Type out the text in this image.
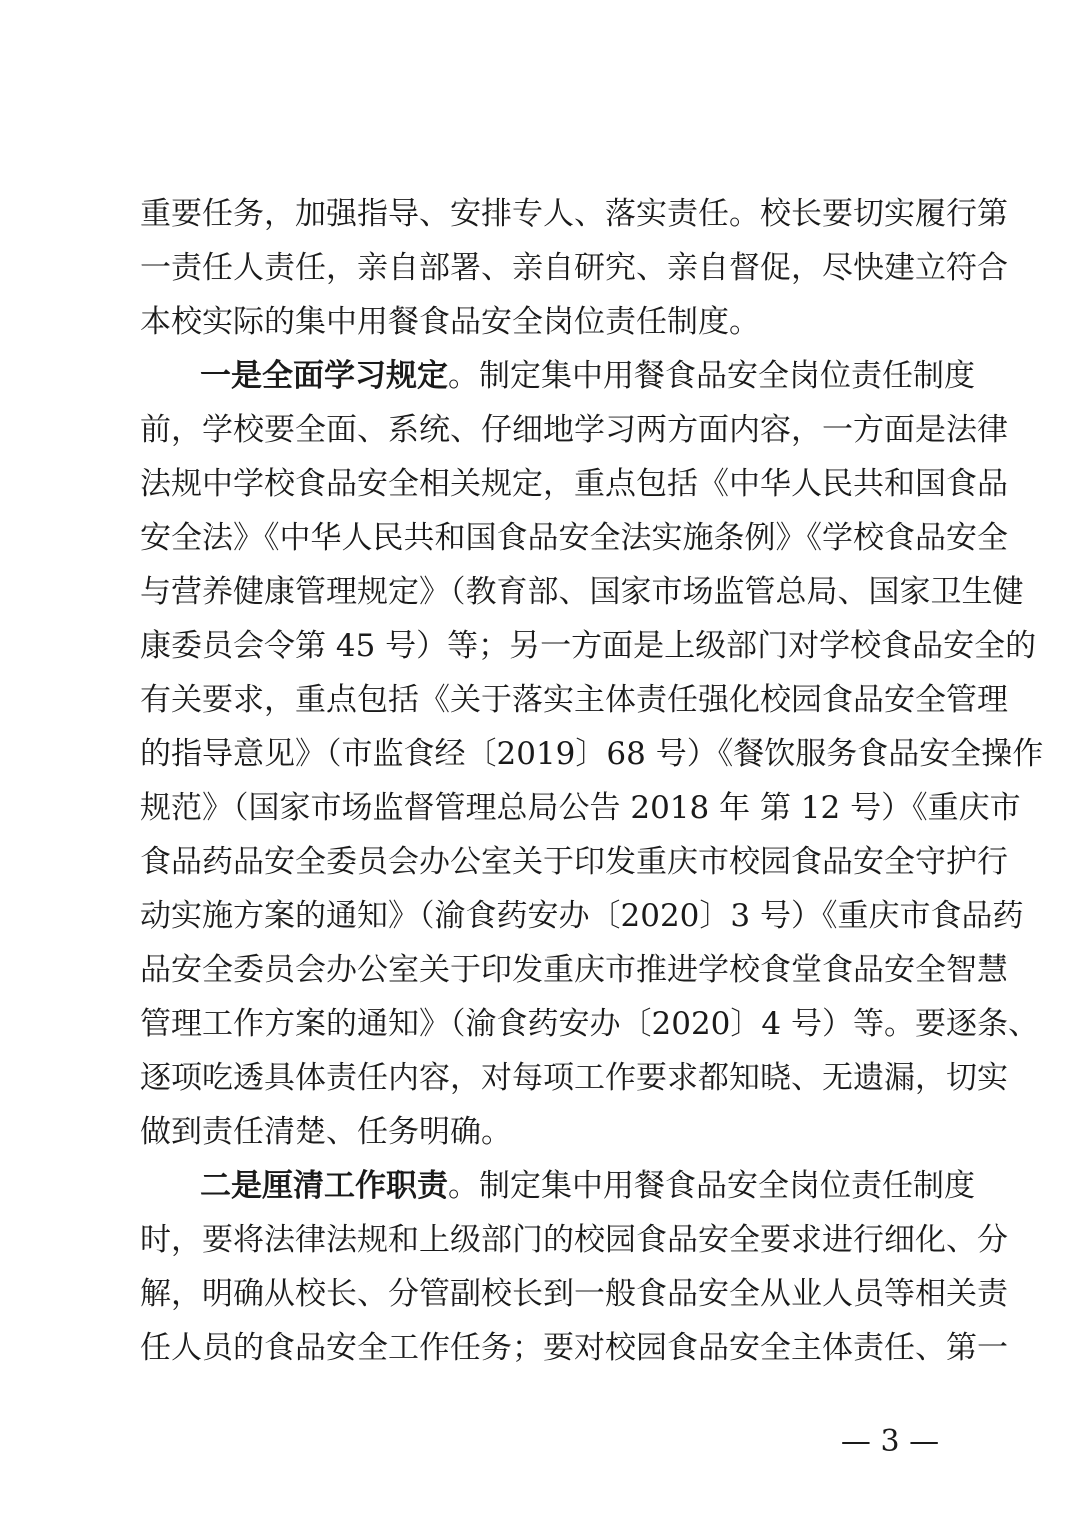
重要任务，加强指导、安排专人、落实责任。校长要切实履行第
一责任人责任，亲自部署、亲自研究、亲自督促，尽快建立符合
本校实际的集中用餐食品安全岗位责任制度。
一是全面学习规定。制定集中用餐食品安全岗位责任制度
前，学校要全面、系统、仔细地学习两方面内容，一方面是法律
法规中学校食品安全相关规定，重点包括《中华人民共和国食品
安全法》《中华人民共和国食品安全法实施条例》《学校食品安全
与营养健康管理规定》（教育部、国家市场监管总局、国家卫生健
康委员会令第 45 号）等；另一方面是上级部门对学校食品安全的
有关要求，重点包括《关于落实主体责任强化校园食品安全管理
的指导意见》（市监食经〔2019〕68 号）《餐饮服务食品安全操作
规范》（国家市场监督管理总局公告 2018 年 第 12 号）《重庆市
食品药品安全委员会办公室关于印发重庆市校园食品安全守护行
动实施方案的通知》（渝食药安办〔2020〕3 号）《重庆市食品药
品安全委员会办公室关于印发重庆市推进学校食堂食品安全智慧
管理工作方案的通知》（渝食药安办〔2020〕4 号）等。要逐条、
逐项吃透具体责任内容，对每项工作要求都知晓、无遗漏，切实
做到责任清楚、任务明确。
二是厘清工作职责。制定集中用餐食品安全岗位责任制度
时，要将法律法规和上级部门的校园食品安全要求进行细化、分
解，明确从校长、分管副校长到一般食品安全从业人员等相关责
任人员的食品安全工作任务；要对校园食品安全主体责任、第一
— 3 —
